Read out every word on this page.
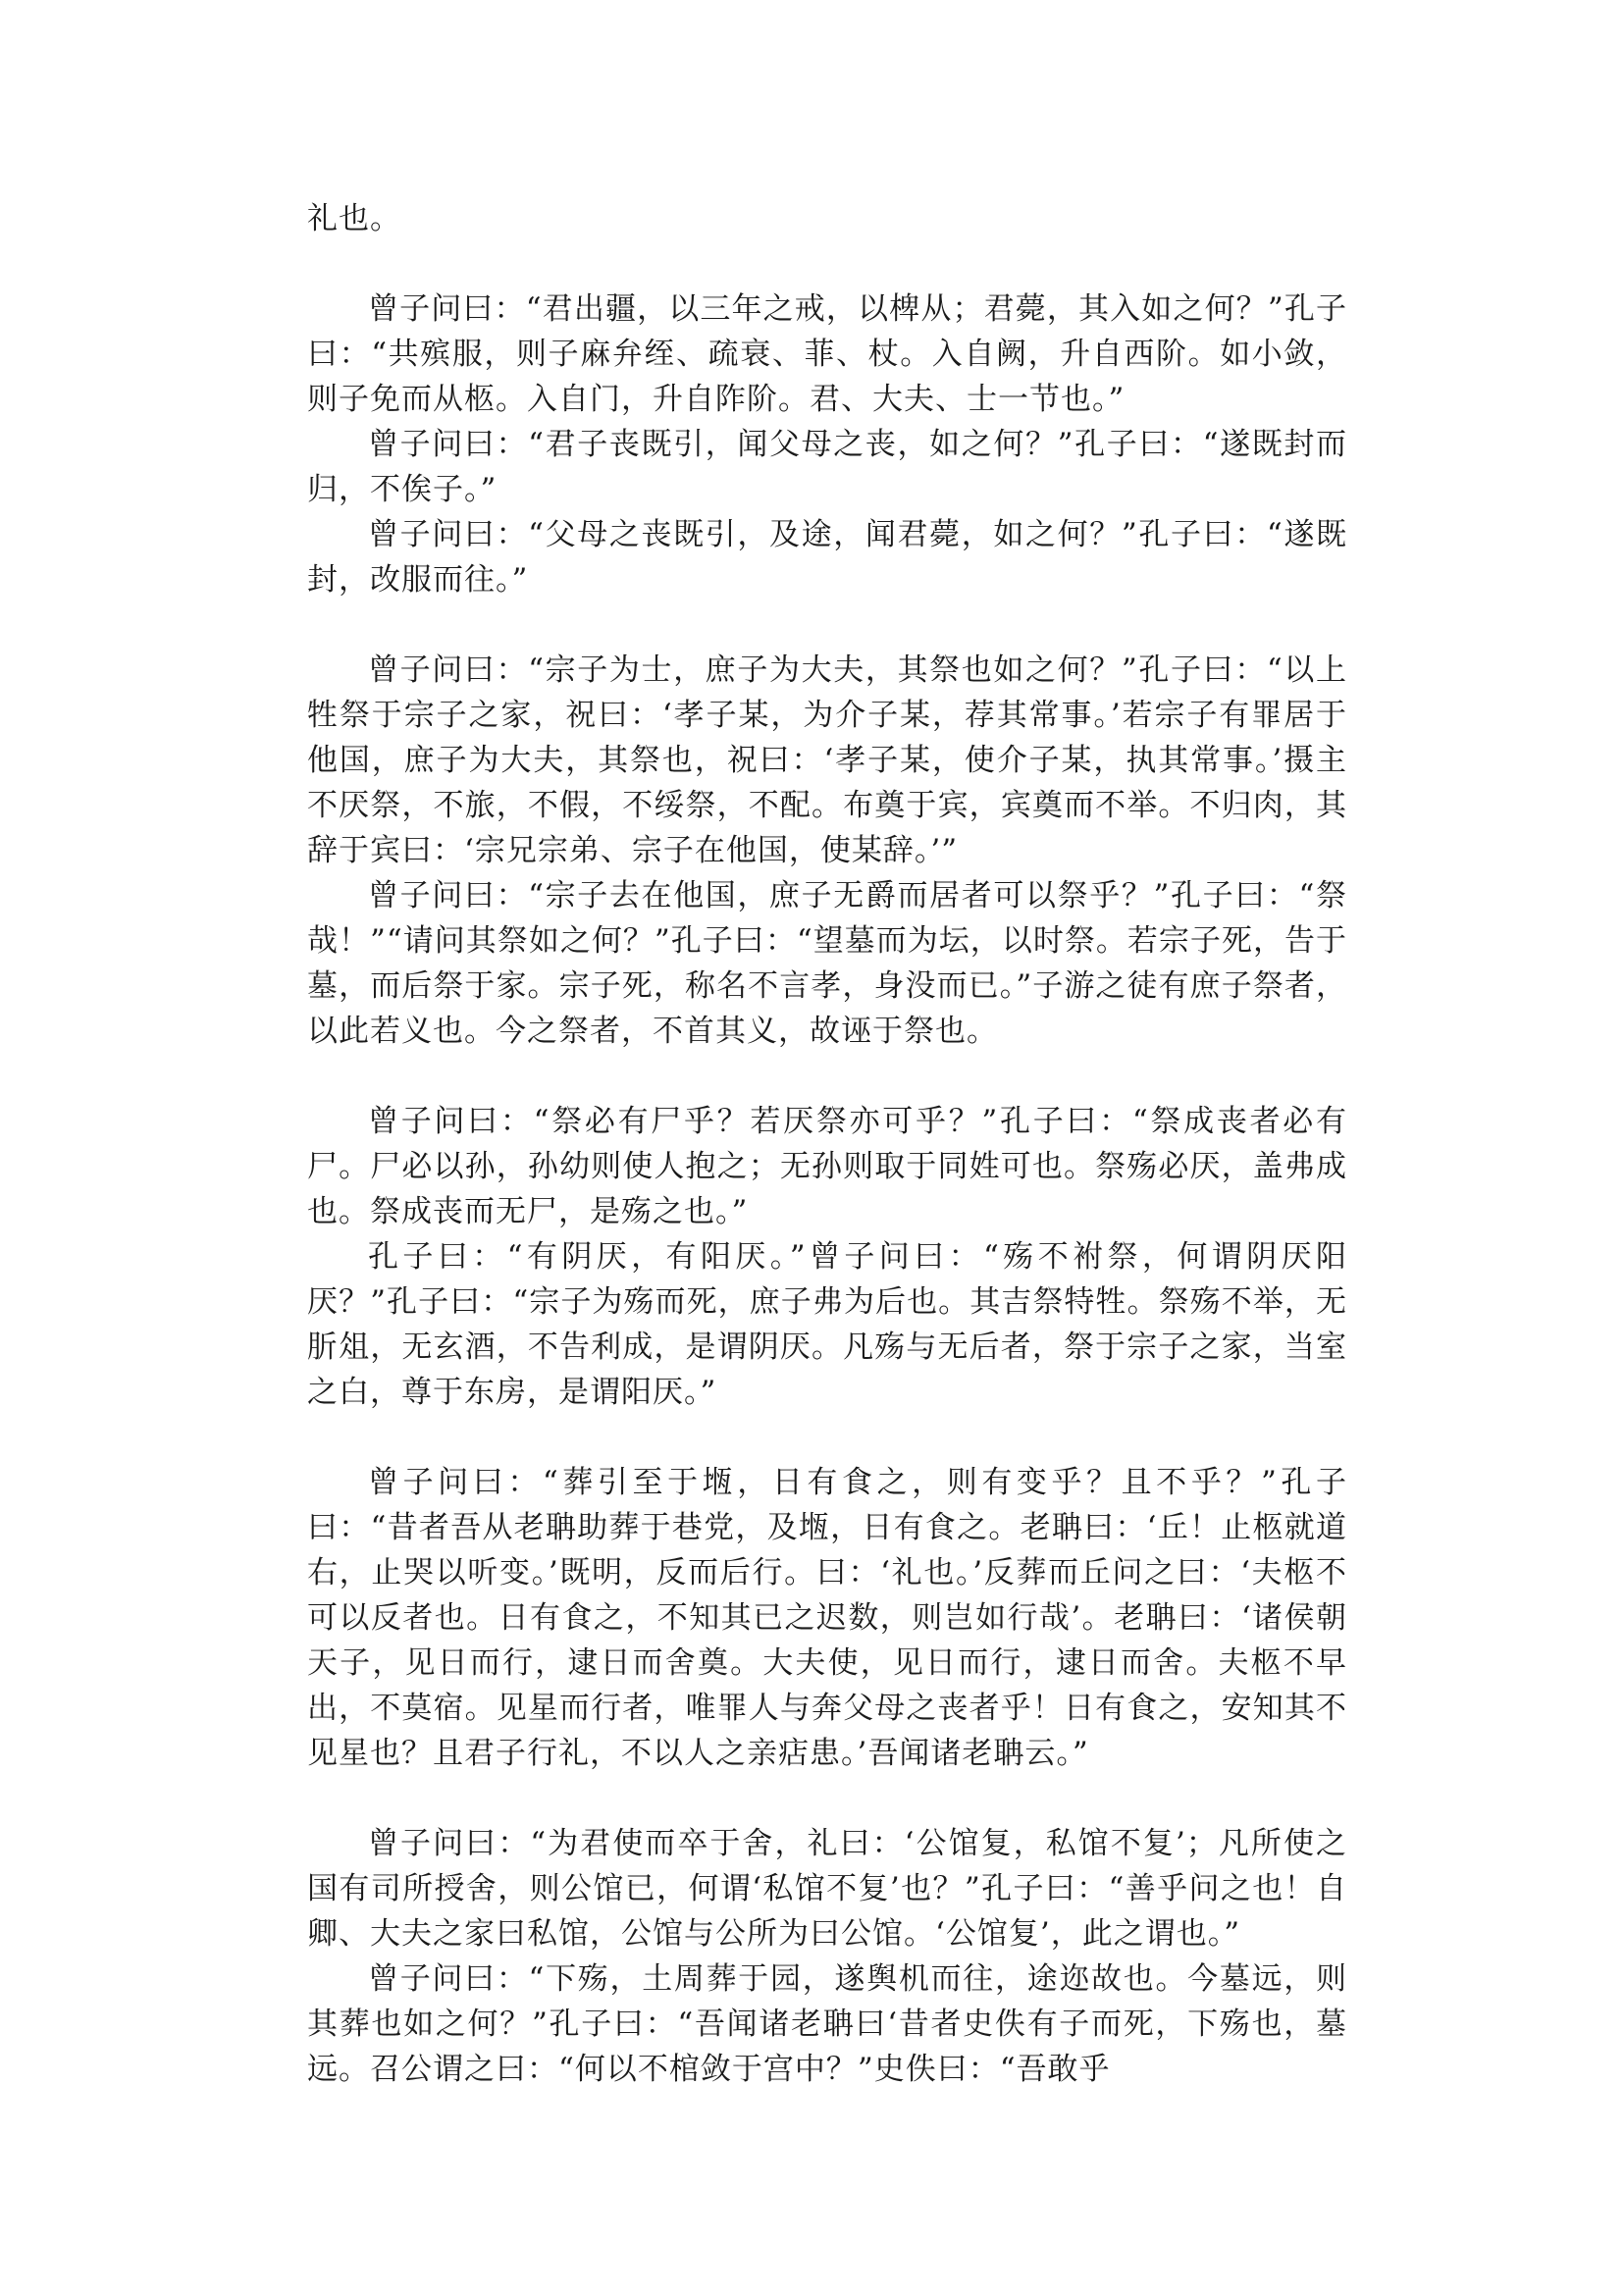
礼也。

曾子问曰：“君出疆，以三年之戒，以椑从；君薨，其入如之何？”孔子曰：“共殡服，则子麻弁绖、疏衰、菲、杖。入自阙，升自西阶。如小敛，则子免而从柩。入自门，升自阼阶。君、大夫、士一节也。”

曾子问曰：“君子丧既引，闻父母之丧，如之何？”孔子曰：“遂既封而归，不俟子。”

曾子问曰：“父母之丧既引，及途，闻君薨，如之何？”孔子曰：“遂既封，改服而往。”

曾子问曰：“宗子为士，庶子为大夫，其祭也如之何？”孔子曰：“以上牲祭于宗子之家，祝曰：‘孝子某，为介子某，荐其常事。’若宗子有罪居于他国，庶子为大夫，其祭也，祝曰：‘孝子某，使介子某，执其常事。’摄主不厌祭，不旅，不假，不绥祭，不配。布奠于宾，宾奠而不举。不归肉，其辞于宾曰：‘宗兄宗弟、宗子在他国，使某辞。’”

曾子问曰：“宗子去在他国，庶子无爵而居者可以祭乎？”孔子曰：“祭哉！”“请问其祭如之何？”孔子曰：“望墓而为坛，以时祭。若宗子死，告于墓，而后祭于家。宗子死，称名不言孝，身没而已。”子游之徒有庶子祭者，以此若义也。今之祭者，不首其义，故诬于祭也。

曾子问曰：“祭必有尸乎？若厌祭亦可乎？”孔子曰：“祭成丧者必有尸。尸必以孙，孙幼则使人抱之；无孙则取于同姓可也。祭殇必厌，盖弗成也。祭成丧而无尸，是殇之也。”

孔子曰：“有阴厌，有阳厌。”曾子问曰：“殇不袝祭，何谓阴厌阳厌？”孔子曰：“宗子为殇而死，庶子弗为后也。其吉祭特牲。祭殇不举，无肵俎，无玄酒，不告利成，是谓阴厌。凡殇与无后者，祭于宗子之家，当室之白，尊于东房，是谓阳厌。”

曾子问曰：“葬引至于堩，日有食之，则有变乎？且不乎？”孔子曰：“昔者吾从老聃助葬于巷党，及堩，日有食之。老聃曰：‘丘！止柩就道右，止哭以听变。’既明，反而后行。曰：‘礼也。’反葬而丘问之曰：‘夫柩不可以反者也。日有食之，不知其已之迟数，则岂如行哉’。老聃曰：‘诸侯朝天子，见日而行，逮日而舍奠。大夫使，见日而行，逮日而舍。夫柩不早出，不莫宿。见星而行者，唯罪人与奔父母之丧者乎！日有食之，安知其不见星也？且君子行礼，不以人之亲痁患。’吾闻诸老聃云。”

曾子问曰：“为君使而卒于舍，礼曰：‘公馆复，私馆不复’；凡所使之国有司所授舍，则公馆已，何谓‘私馆不复’也？”孔子曰：“善乎问之也！自卿、大夫之家曰私馆，公馆与公所为曰公馆。‘公馆复’，此之谓也。”

曾子问曰：“下殇，土周葬于园，遂舆机而往，途迩故也。今墓远，则其葬也如之何？”孔子曰：“吾闻诸老聃曰‘昔者史佚有子而死，下殇也，墓远。召公谓之曰：“何以不棺敛于宫中？”史佚曰：“吾敢乎
